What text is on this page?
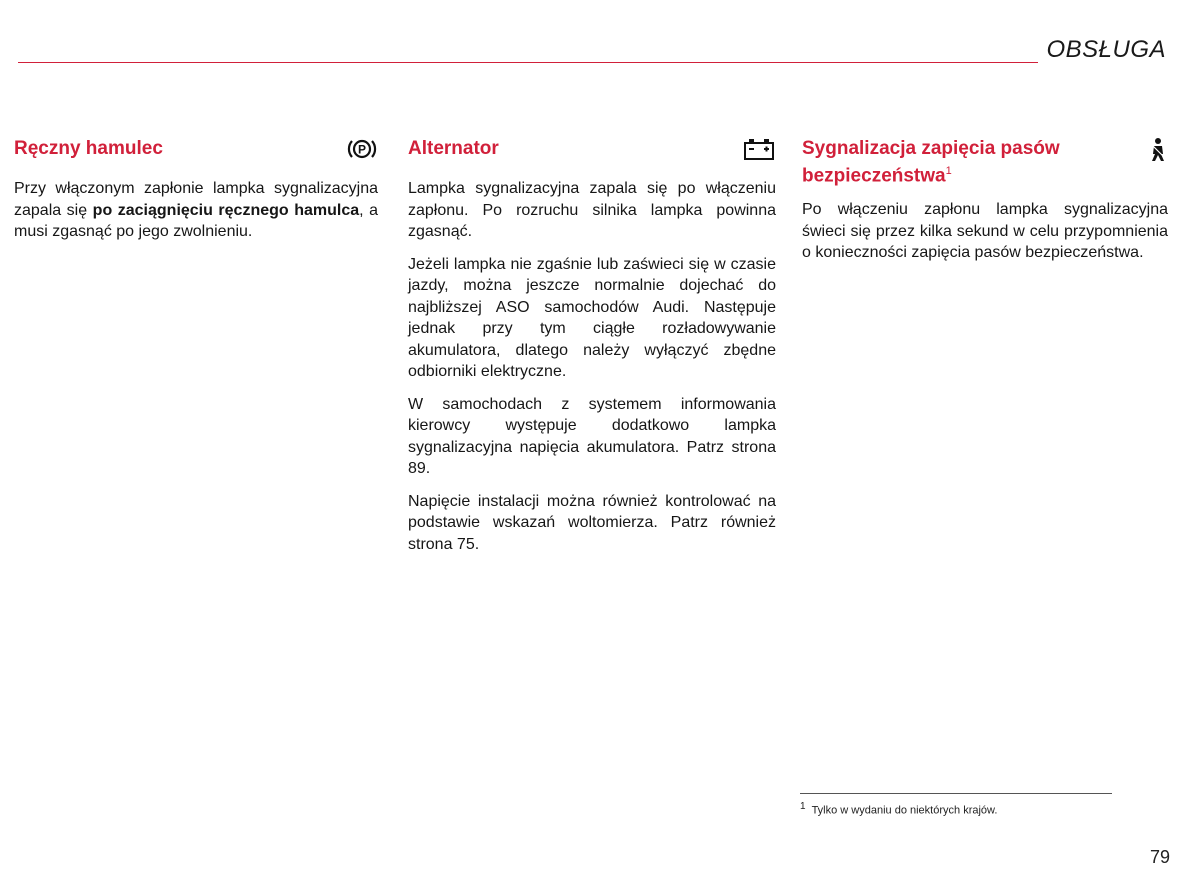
OBSŁUGA
Ręczny hamulec	P

Przy włączonym zapłonie lampka sygnalizacyjna zapala się po zaciągnięciu ręcznego hamulca, a musi zgasnąć po jego zwolnieniu.

Alternator

Lampka sygnalizacyjna zapala się po włączeniu zapłonu. Po rozruchu silnika lampka powinna zgasnąć.

Jeżeli lampka nie zgaśnie lub zaświeci się w czasie jazdy, można jeszcze normalnie dojechać do najbliższej ASO samochodów Audi. Następuje jednak przy tym ciągłe rozładowywanie akumulatora, dlatego należy wyłączyć zbędne odbiorniki elektryczne.

W samochodach z systemem informowania kierowcy występuje dodatkowo lampka sygnalizacyjna napięcia akumulatora. Patrz strona 89.

Napięcie instalacji można również kontrolować na podstawie wskazań woltomierza. Patrz również strona 75.

Sygnalizacja zapięcia pasów bezpieczeństwa$^1$

Po włączeniu zapłonu lampka sygnalizacyjna świeci się przez kilka sekund w celu przypomnienia o konieczności zapięcia pasów bezpieczeństwa.

$^1$ Tylko w wydaniu do niektórych krajów.
79
